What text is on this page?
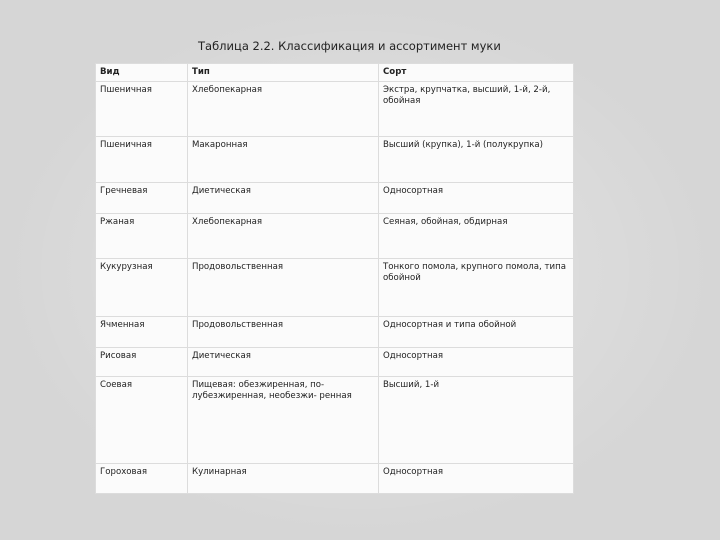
Таблица 2.2. Классификация и ассортимент муки
Вид	Тип	Сорт
Пшеничная	Хлебопекарная	Экстра, крупчатка, высший, 1-й, 2-й, обойная
Пшеничная	Макаронная	Высший (крупка), 1-й (полукрупка)
Гречневая	Диетическая	Односортная
Ржаная	Хлебопекарная	Сеяная, обойная, обдирная
Кукурузная	Продовольственная	Тонкого помола, крупного помола, типа обойной
Ячменная	Продовольственная	Односортная и типа обойной
Рисовая	Диетическая	Односортная
Соевая	Пищевая: обезжиренная, по-лубезжиренная, необезжи- ренная	Высший, 1-й
Гороховая	Кулинарная	Односортная
